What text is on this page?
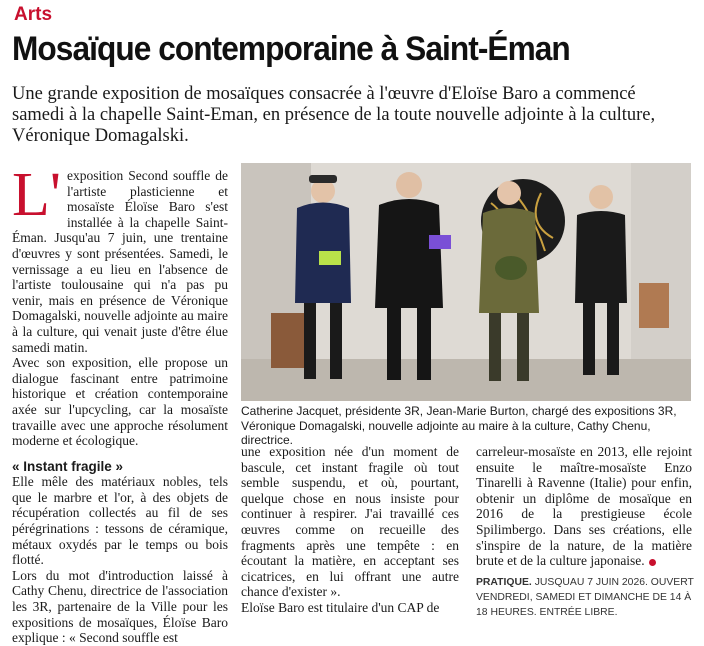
Arts
Mosaïque contemporaine à Saint-Éman

Une grande exposition de mosaïques consacrée à l'œuvre d'Eloïse Baro a commencé samedi à la chapelle Saint-Eman, en présence de la toute nouvelle adjointe à la culture, Véronique Domagalski.

L' exposition Second souffle de l'artiste plasticienne et mosaïste Éloïse Baro s'est installée à la chapelle Saint-Éman. Jusqu'au 7 juin, une trentaine d'œuvres y sont présentées. Samedi, le vernissage a eu lieu en l'absence de l'artiste toulousaine qui n'a pas pu venir, mais en présence de Véronique Domagalski, nouvelle adjointe au maire à la culture, qui venait juste d'être élue samedi matin.

Avec son exposition, elle propose un dialogue fascinant entre patrimoine historique et création contemporaine axée sur l'upcycling, car la mosaïste travaille avec une approche résolument moderne et écologique.

« Instant fragile »

Elle mêle des matériaux nobles, tels que le marbre et l'or, à des objets de récupération collectés au fil de ses pérégrinations : tessons de céramique, métaux oxydés par le temps ou bois flotté.

Lors du mot d'introduction laissé à Cathy Chenu, directrice de l'association les 3R, partenaire de la Ville pour les expositions de mosaïques, Éloïse Baro explique : « Second souffle est

Catherine Jacquet, présidente 3R, Jean-Marie Burton, chargé des expositions 3R, Véronique Domagalski, nouvelle adjointe au maire à la culture, Cathy Chenu, directrice.

une exposition née d'un moment de bascule, cet instant fragile où tout semble suspendu, et où, pourtant, quelque chose en nous insiste pour continuer à respirer. J'ai travaillé ces œuvres comme on recueille des fragments après une tempête : en écoutant la matière, en acceptant ses cicatrices, en lui offrant une autre chance d'exister ».

Eloïse Baro est titulaire d'un CAP de

carreleur-mosaïste en 2013, elle rejoint ensuite le maître-mosaïste Enzo Tinarelli à Ravenne (Italie) pour enfin, obtenir un diplôme de mosaïque en 2016 de la prestigieuse école Spilimbergo. Dans ses créations, elle s'inspire de la nature, de la matière brute et de la culture japonaise.

PRATIQUE. JUSQUAU 7 JUIN 2026. OUVERT VENDREDI, SAMEDI ET DIMANCHE DE 14 À 18 HEURES. ENTRÉE LIBRE.
